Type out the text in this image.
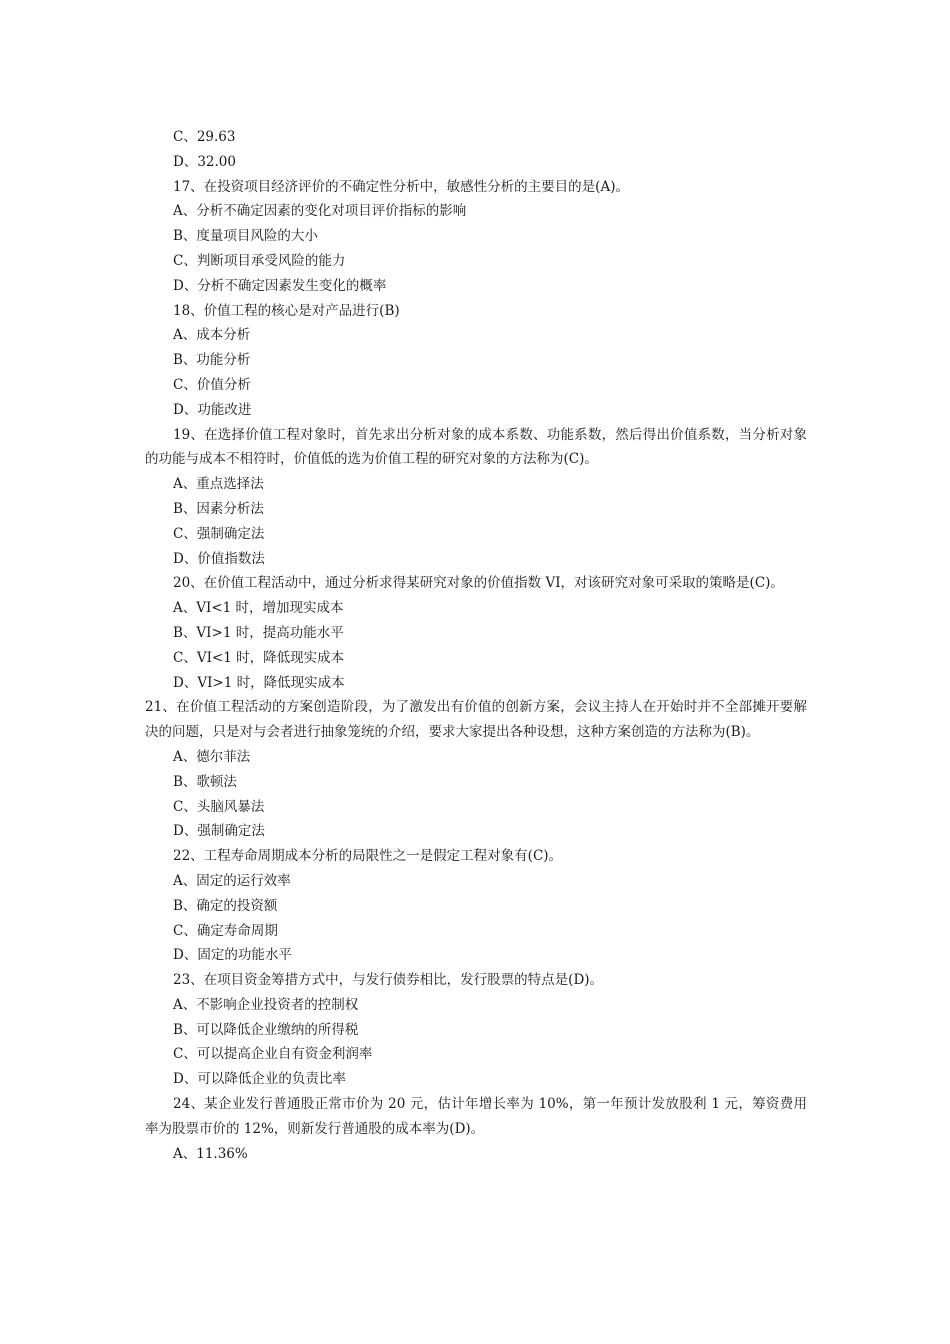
C、29.63
D、32.00
17、在投资项目经济评价的不确定性分析中，敏感性分析的主要目的是(A)。
A、分析不确定因素的变化对项目评价指标的影响
B、度量项目风险的大小
C、判断项目承受风险的能力
D、分析不确定因素发生变化的概率
18、价值工程的核心是对产品进行(B)
A、成本分析
B、功能分析
C、价值分析
D、功能改进
19、在选择价值工程对象时，首先求出分析对象的成本系数、功能系数，然后得出价值系数，当分析对象的功能与成本不相符时，价值低的选为价值工程的研究对象的方法称为(C)。
A、重点选择法
B、因素分析法
C、强制确定法
D、价值指数法
20、在价值工程活动中，通过分析求得某研究对象的价值指数 VI，对该研究对象可采取的策略是(C)。
A、VI<1 时，增加现实成本
B、VI>1 时，提高功能水平
C、VI<1 时，降低现实成本
D、VI>1 时，降低现实成本
21、在价值工程活动的方案创造阶段，为了激发出有价值的创新方案，会议主持人在开始时并不全部摊开要解决的问题，只是对与会者进行抽象笼统的介绍，要求大家提出各种设想，这种方案创造的方法称为(B)。
A、德尔菲法
B、歌顿法
C、头脑风暴法
D、强制确定法
22、工程寿命周期成本分析的局限性之一是假定工程对象有(C)。
A、固定的运行效率
B、确定的投资额
C、确定寿命周期
D、固定的功能水平
23、在项目资金筹措方式中，与发行债券相比，发行股票的特点是(D)。
A、不影响企业投资者的控制权
B、可以降低企业缴纳的所得税
C、可以提高企业自有资金利润率
D、可以降低企业的负责比率
24、某企业发行普通股正常市价为 20 元，估计年增长率为 10%，第一年预计发放股利 1 元，筹资费用率为股票市价的 12%，则新发行普通股的成本率为(D)。
A、11.36%
